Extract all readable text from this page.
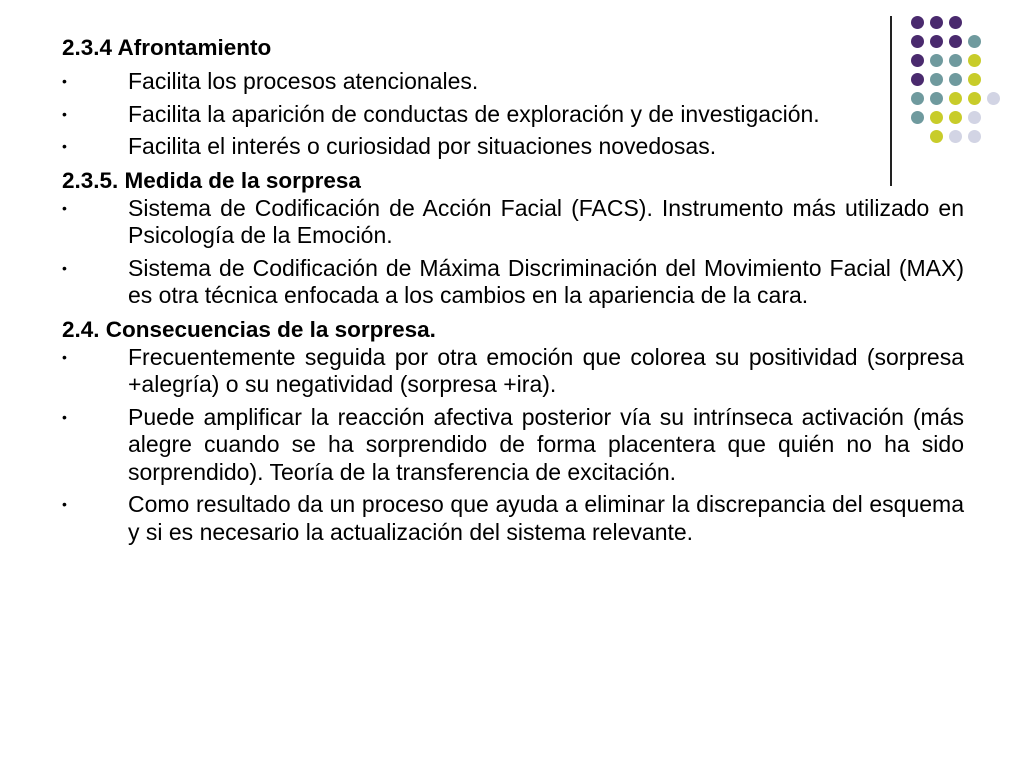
2.3.4 Afrontamiento

•	Facilita los procesos atencionales.
•	Facilita la aparición de conductas de exploración y de investigación.
•	Facilita el interés o curiosidad por situaciones novedosas.

2.3.5. Medida de la sorpresa

•	Sistema de Codificación de Acción Facial (FACS). Instrumento más utilizado en Psicología de la Emoción.
•	Sistema de Codificación de Máxima Discriminación del Movimiento Facial (MAX) es otra técnica enfocada a los cambios en la apariencia de la cara.

2.4. Consecuencias de la sorpresa.

•	Frecuentemente seguida por otra emoción que colorea su positividad (sorpresa +alegría) o su negatividad (sorpresa +ira).
•	Puede amplificar la reacción afectiva posterior vía su intrínseca activación (más alegre cuando se ha sorprendido de forma placentera que quién no ha sido sorprendido). Teoría de la transferencia de excitación.
•	Como resultado da un proceso que ayuda a eliminar la discrepancia del esquema y si es necesario la actualización del sistema relevante.
